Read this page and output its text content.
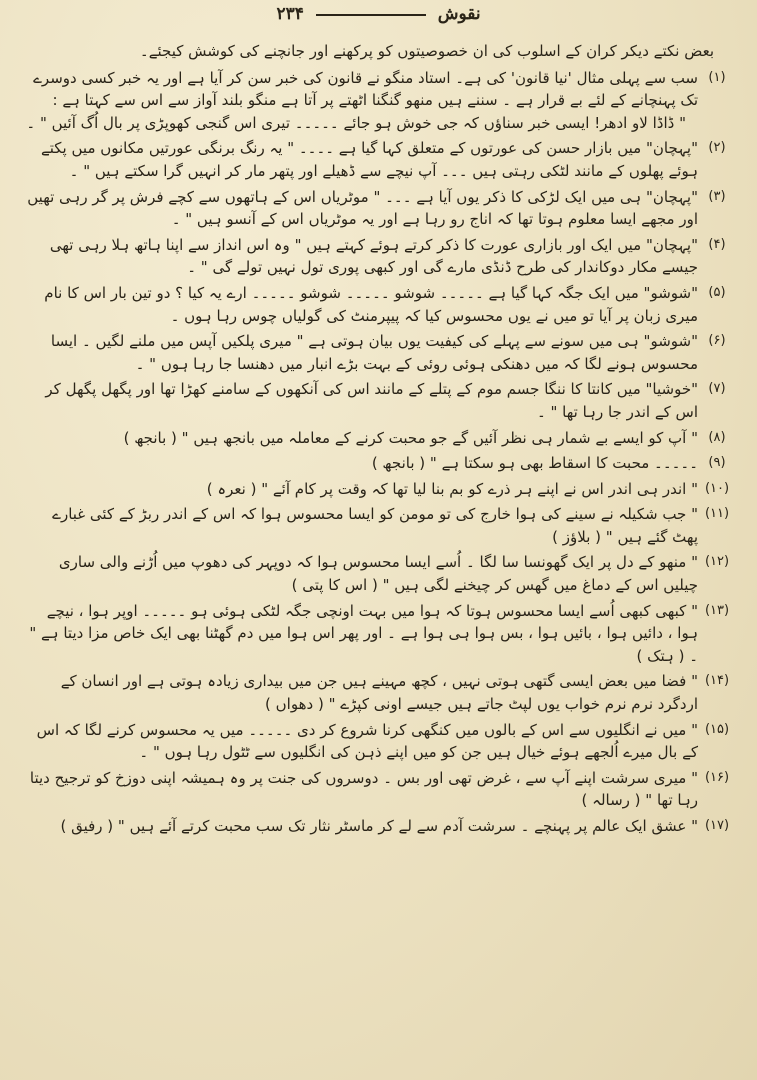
نقوش  ۲۳۴

بعض نکتے دیکر کران کے اسلوب کی ان خصوصیتوں کو پرکھنے اور جانچنے کی کوشش کیجئے۔

(۱)
سب سے پہلی مثال 'نیا قانون' کی ہے۔ استاد منگو نے قانون کی خبر سن کر آیا ہے اور یہ خبر کسی دوسرے تک پہنچانے کے لئے بے قرار ہے ۔ سننے ہیں منھو گنگنا اٹھتے پر آتا ہے منگو بلند آواز سے اس سے کہتا ہے :
" ڈاڈا لاو ادھر! ایسی خبر سناؤں کہ جی خوش ہو جائے ۔۔۔۔۔ تیری اس گنجی کھوپڑی پر بال اُگ آئیں " ۔
(۲)
"پہچان" میں بازار حسن کی عورتوں کے متعلق کہا گیا ہے ۔۔۔۔ " یہ رنگ برنگی عورتیں مکانوں میں پکتے ہوئے پھلوں کے مانند لٹکی رہتی ہیں ۔۔۔ آپ نیچے سے ڈھیلے اور پتھر مار کر انہیں گرا سکتے ہیں " ۔
(۳)
"پہچان" ہی میں ایک لڑکی کا ذکر یوں آیا ہے ۔۔۔ " موٹریاں اس کے ہاتھوں سے کچے فرش پر گر رہی تھیں اور مجھے ایسا معلوم ہوتا تھا کہ اناج رو رہا ہے اور یہ موٹریاں اس کے آنسو ہیں " ۔
(۴)
"پہچان" میں ایک اور بازاری عورت کا ذکر کرتے ہوئے کہتے ہیں " وہ اس انداز سے اپنا ہاتھ ہلا رہی تھی جیسے مکار دوکاندار کی طرح ڈنڈی مارے گی اور کبھی پوری تول نہیں تولے گی " ۔
(۵)
"شوشو" میں ایک جگہ کہا گیا ہے ۔۔۔۔۔ شوشو ۔۔۔۔۔ شوشو ۔۔۔۔۔ ارے یہ کیا ؟ دو تین بار اس کا نام میری زبان پر آیا تو میں نے یوں محسوس کیا کہ پیپرمنٹ کی گولیاں چوس رہا ہوں ۔
(۶)
"شوشو" ہی میں سونے سے پہلے کی کیفیت یوں بیان ہوتی ہے " میری پلکیں آپس میں ملنے لگیں ۔ ایسا محسوس ہونے لگا کہ میں دھنکی ہوئی روئی کے بہت بڑے انبار میں دھنسا جا رہا ہوں " ۔
(۷)
"خوشیا" میں کانتا کا ننگا جسم موم کے پتلے کے مانند اس کی آنکھوں کے سامنے کھڑا تھا اور پگھل پگھل کر اس کے اندر جا رہا تھا " ۔
(۸)
" آپ کو ایسے بے شمار ہی نظر آئیں گے جو محبت کرنے کے معاملہ میں بانجھ ہیں " ( بانجھ )
(۹)
۔۔۔۔۔ محبت کا اسقاط بھی ہو سکتا ہے " ( بانجھ )
(۱۰)
" اندر ہی اندر اس نے اپنے ہر ذرے کو بم بنا لیا تھا کہ وقت پر کام آئے " ( نعرہ )
(۱۱)
" جب شکیلہ نے سینے کی ہوا خارج کی تو مومن کو ایسا محسوس ہوا کہ اس کے اندر ربڑ کے کئی غبارے پھٹ گئے ہیں " ( بلاؤز )
(۱۲)
" منھو کے دل پر ایک گھونسا سا لگا ۔ اُسے ایسا محسوس ہوا کہ دوپہر کی دھوپ میں اُڑنے والی ساری چیلیں اس کے دماغ میں گھس کر چیخنے لگی ہیں " ( اس کا پتی )
(۱۳)
" کبھی کبھی اُسے ایسا محسوس ہوتا کہ ہوا میں بہت اونچی جگہ لٹکی ہوئی ہو ۔۔۔۔۔ اوپر ہوا ، نیچے ہوا ، دائیں ہوا ، بائیں ہوا ، بس ہوا ہی ہوا ہے ۔ اور پھر اس ہوا میں دم گھٹنا بھی ایک خاص مزا دیتا ہے " ۔ ( ہتک )
(۱۴)
" فضا میں بعض ایسی گتھی ہوتی نہیں ، کچھ مہینے ہیں جن میں بیداری زیادہ ہوتی ہے اور انسان کے اردگرد نرم نرم خواب یوں لپٹ جاتے ہیں جیسے اونی کپڑے " ( دھواں )
(۱۵)
" میں نے انگلیوں سے اس کے بالوں میں کنگھی کرنا شروع کر دی ۔۔۔۔۔ میں یہ محسوس کرنے لگا کہ اس کے بال میرے اُلجھے ہوئے خیال ہیں جن کو میں اپنے ذہن کی انگلیوں سے ٹٹول رہا ہوں " ۔
(۱۶)
" میری سرشت اپنے آپ سے ، غرض تھی اور بس ۔ دوسروں کی جنت پر وہ ہمیشہ اپنی دوزخ کو ترجیح دیتا رہا تھا " ( رسالہ )
(۱۷)
" عشق ایک عالم پر پہنچے ۔ سرشت آدم سے لے کر ماسٹر نثار تک سب محبت کرتے آئے ہیں " ( رفیق )
